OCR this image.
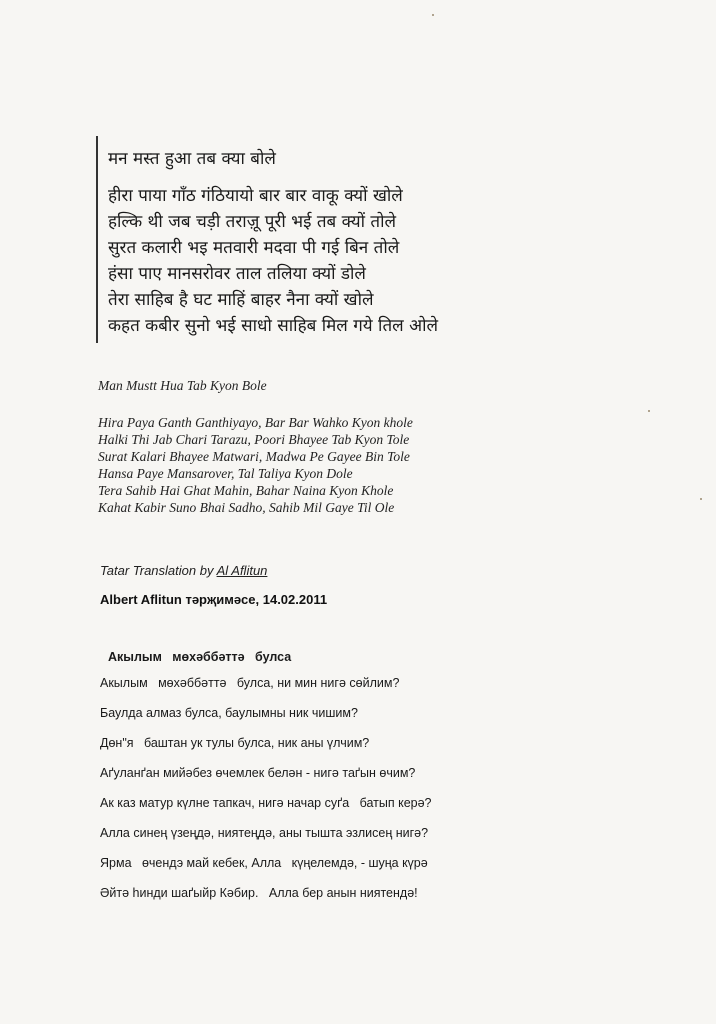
मन मस्त हुआ तब क्या बोले
हीरा पाया गाँठ गंठियायो बार बार वाकू क्यों खोले
हल्कि थी जब चड़ी तराज़ू पूरी भई तब क्यों तोले
सुरत कलारी भइ मतवारी मदवा पी गई बिन तोले
हंसा पाए मानसरोवर ताल तलिया क्यों डोले
तेरा साहिब है घट माहिं बाहर नैना क्यों खोले
कहत कबीर सुनो भई साधो साहिब मिल गये तिल ओले
Man Mustt Hua Tab Kyon Bole
Hira Paya Ganth Ganthiyayo, Bar Bar Wahko Kyon khole
Halki Thi Jab Chari Tarazu, Poori Bhayee Tab Kyon Tole
Surat Kalari Bhayee Matwari, Madwa Pe Gayee Bin Tole
Hansa Paye Mansarover, Tal Taliya Kyon Dole
Tera Sahib Hai Ghat Mahin, Bahar Naina Kyon Khole
Kahat Kabir Suno Bhai Sadho, Sahib Mil Gaye Til Ole
Tatar Translation by Al Aflitun
Albert Aflitun тәрҗимәсе, 14.02.2011
Акылым   мөхәббәттә   булса
Акылым   мөхәббәттә   булса, ни мин нигә сөйлим?
Баулда алмаз булса, баулымны ник чишим?
Дөн"я   баштан ук тулы булса, ник аны үлчим?
Аґуланґан мийәбез өчемлек белән - нигә таґын өчим?
Ак каз матур күлне тапкач, нигә начар суґа   батып керә?
Алла синең үзеңдә, ниятеңдә, аны тышта эзлисең нигә?
Ярма   өчендэ май кебек, Алла   күңелемдә, - шуңа күрә
Әйтә һинди шаґыйр Кәбир.   Алла бер анын ниятендә!
